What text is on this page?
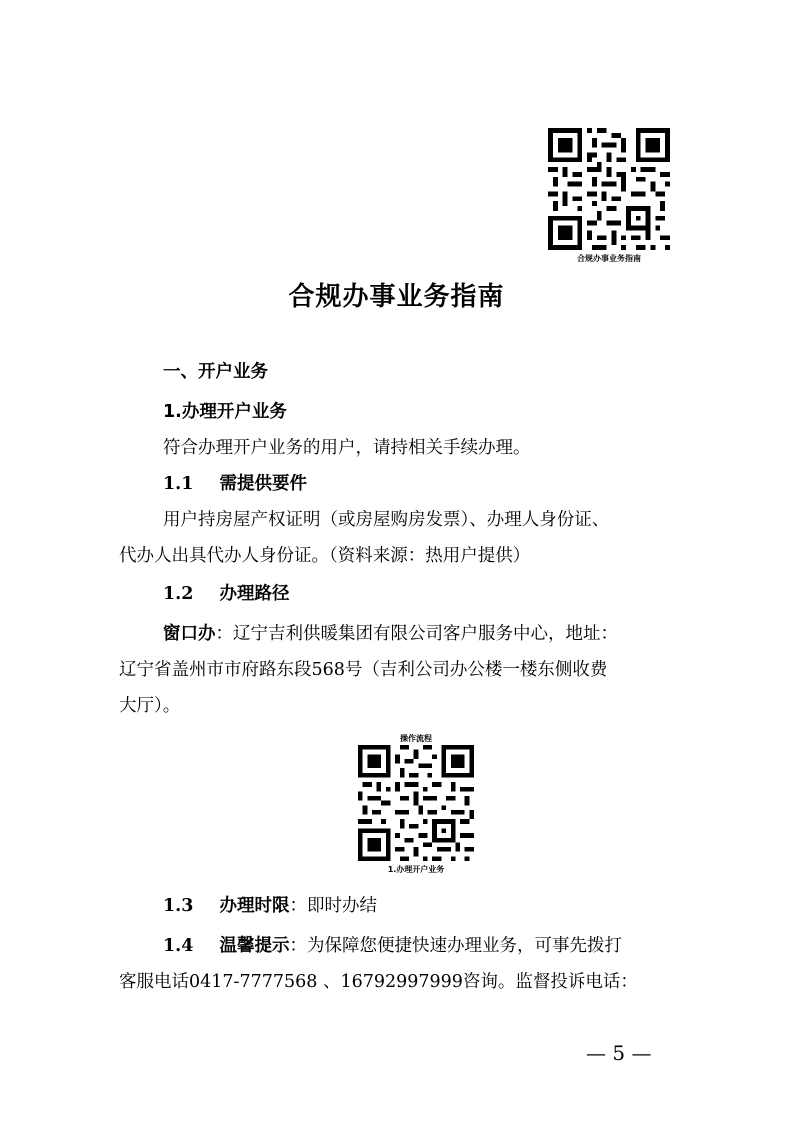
合规办事业务指南
合规办事业务指南
一、开户业务
1.办理开户业务
符合办理开户业务的用户，请持相关手续办理。
1.1 需提供要件
用户持房屋产权证明（或房屋购房发票）、办理人身份证、
代办人出具代办人身份证。（资料来源：热用户提供）
1.2 办理路径
窗口办：辽宁吉利供暖集团有限公司客户服务中心，地址：
辽宁省盖州市市府路东段568号（吉利公司办公楼一楼东侧收费
大厅）。
操作流程
1.办理开户业务
1.3 办理时限：即时办结
1.4 温馨提示：为保障您便捷快速办理业务，可事先拨打
客服电话0417-7777568 、16792997999咨询。监督投诉电话：
— 5 —
